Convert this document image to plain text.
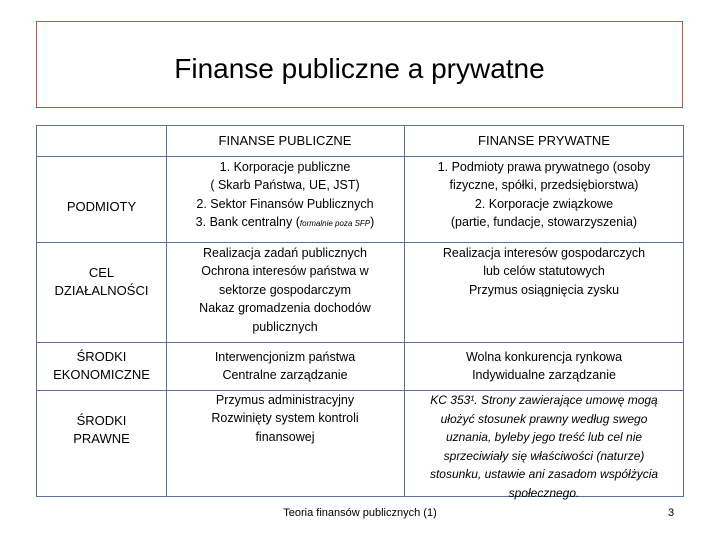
Finanse publiczne a prywatne
FINANSE PUBLICZNE	FINANSE PRYWATNE
PODMIOTY
1. Korporacje publiczne
( Skarb Państwa, UE, JST)
2. Sektor Finansów Publicznych
3. Bank centralny (formalnie poza SFP)
1. Podmioty prawa prywatnego (osoby
fizyczne, spółki, przedsiębiorstwa)
2. Korporacje związkowe
(partie, fundacje, stowarzyszenia)
CEL
DZIAŁALNOŚCI
Realizacja zadań publicznych
Ochrona interesów państwa w
sektorze gospodarczym
Nakaz gromadzenia dochodów
publicznych
Realizacja interesów gospodarczych
lub celów statutowych
Przymus osiągnięcia zysku
ŚRODKI
EKONOMICZNE
Interwencjonizm państwa
Centralne zarządzanie
Wolna konkurencja rynkowa
Indywidualne zarządzanie
ŚRODKI
PRAWNE
Przymus administracyjny
Rozwinięty system kontroli
finansowej
KC 353¹. Strony zawierające umowę mogą
ułożyć stosunek prawny według swego
uznania, byleby jego treść lub cel nie
sprzeciwiały się właściwości (naturze)
stosunku, ustawie ani zasadom współżycia
społecznego.
Teoria finansów publicznych (1)	3
